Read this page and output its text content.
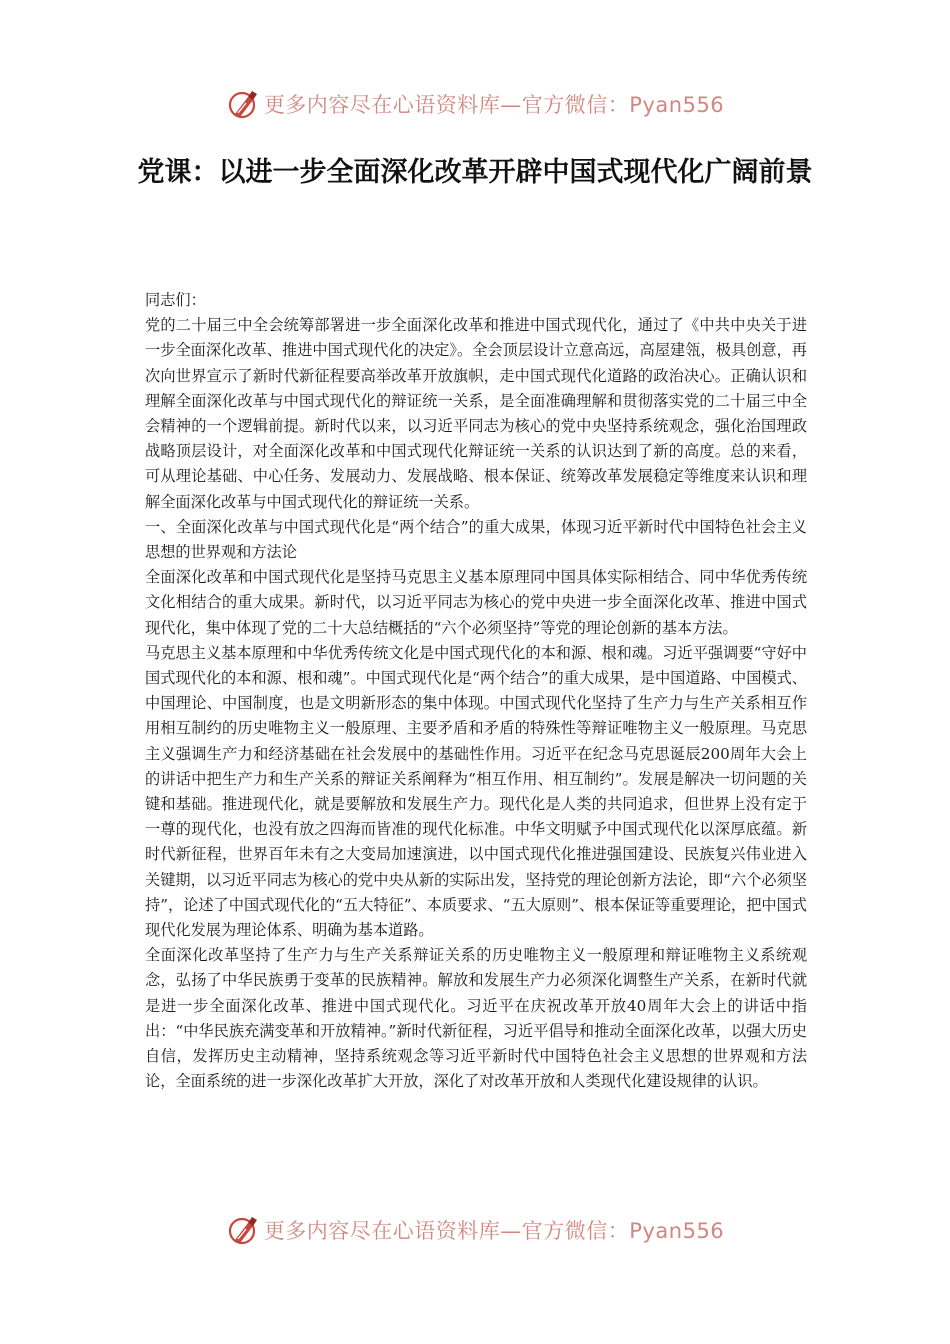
更多内容尽在心语资料库—官方微信：Pyan556
党课：以进一步全面深化改革开辟中国式现代化广阔前景

同志们：

党的二十届三中全会统筹部署进一步全面深化改革和推进中国式现代化，通过了《中共中央关于进一步全面深化改革、推进中国式现代化的决定》。全会顶层设计立意高远，高屋建瓴，极具创意，再次向世界宣示了新时代新征程要高举改革开放旗帜，走中国式现代化道路的政治决心。正确认识和理解全面深化改革与中国式现代化的辩证统一关系，是全面准确理解和贯彻落实党的二十届三中全会精神的一个逻辑前提。新时代以来，以习近平同志为核心的党中央坚持系统观念，强化治国理政战略顶层设计，对全面深化改革和中国式现代化辩证统一关系的认识达到了新的高度。总的来看，可从理论基础、中心任务、发展动力、发展战略、根本保证、统筹改革发展稳定等维度来认识和理解全面深化改革与中国式现代化的辩证统一关系。

一、全面深化改革与中国式现代化是“两个结合”的重大成果，体现习近平新时代中国特色社会主义思想的世界观和方法论

全面深化改革和中国式现代化是坚持马克思主义基本原理同中国具体实际相结合、同中华优秀传统文化相结合的重大成果。新时代，以习近平同志为核心的党中央进一步全面深化改革、推进中国式现代化，集中体现了党的二十大总结概括的“六个必须坚持”等党的理论创新的基本方法。

马克思主义基本原理和中华优秀传统文化是中国式现代化的本和源、根和魂。习近平强调要“守好中国式现代化的本和源、根和魂”。中国式现代化是“两个结合”的重大成果，是中国道路、中国模式、中国理论、中国制度，也是文明新形态的集中体现。中国式现代化坚持了生产力与生产关系相互作用相互制约的历史唯物主义一般原理、主要矛盾和矛盾的特殊性等辩证唯物主义一般原理。马克思主义强调生产力和经济基础在社会发展中的基础性作用。习近平在纪念马克思诞辰200周年大会上的讲话中把生产力和生产关系的辩证关系阐释为“相互作用、相互制约”。发展是解决一切问题的关键和基础。推进现代化，就是要解放和发展生产力。现代化是人类的共同追求，但世界上没有定于一尊的现代化，也没有放之四海而皆准的现代化标准。中华文明赋予中国式现代化以深厚底蕴。新时代新征程，世界百年未有之大变局加速演进，以中国式现代化推进强国建设、民族复兴伟业进入关键期，以习近平同志为核心的党中央从新的实际出发，坚持党的理论创新方法论，即“六个必须坚持”，论述了中国式现代化的“五大特征”、本质要求、“五大原则”、根本保证等重要理论，把中国式现代化发展为理论体系、明确为基本道路。

全面深化改革坚持了生产力与生产关系辩证关系的历史唯物主义一般原理和辩证唯物主义系统观念，弘扬了中华民族勇于变革的民族精神。解放和发展生产力必须深化调整生产关系，在新时代就是进一步全面深化改革、推进中国式现代化。习近平在庆祝改革开放40周年大会上的讲话中指出：“中华民族充满变革和开放精神。”新时代新征程，习近平倡导和推动全面深化改革，以强大历史自信，发挥历史主动精神，坚持系统观念等习近平新时代中国特色社会主义思想的世界观和方法论，全面系统的进一步深化改革扩大开放，深化了对改革开放和人类现代化建设规律的认识。

更多内容尽在心语资料库—官方微信：Pyan556
